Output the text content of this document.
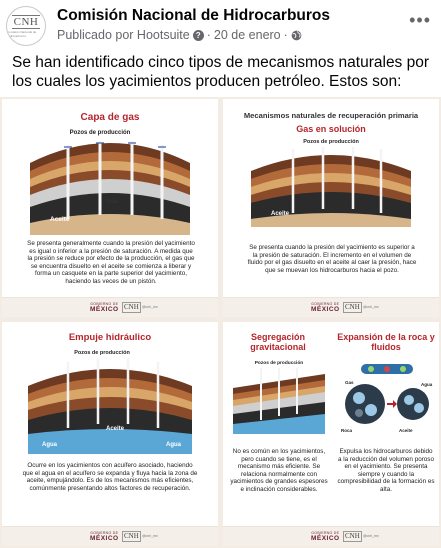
CNH
Comisión Nacional de Hidrocarburos
Comisión Nacional de Hidrocarburos
Publicado por Hootsuite ? · 20 de enero ·
•••
Se han identificado cinco tipos de mecanismos naturales por los cuales los yacimientos producen petróleo. Estos son:
Capa de gas
Pozos de producción
Gas
Aceite
Se presenta generalmente cuando la presión del yacimiento es igual o inferior a la presión de saturación. A medida que la presión se reduce por efecto de la producción, el gas que se encuentra disuelto en el aceite se comienza a liberar y forma un casquete en la parte superior del yacimiento, haciendo las veces de un pistón.
GOBIERNO DE
MÉXICO CNH @cnh_mx
Mecanismos naturales de recuperación primaria
Gas en solución
Pozos de producción
Aceite
Se presenta cuando la presión del yacimiento es superior a la presión de saturación. El incremento en el volumen de fluido por el gas disuelto en el aceite al caer la presión, hace que se muevan los hidrocarburos hacia el pozo.
GOBIERNO DE
MÉXICO CNH @cnh_mx
Empuje hidráulico
Pozos de producción
Aceite
Agua	Agua
Ocurre en los yacimientos con acuífero asociado, haciendo que el agua en el acuífero se expanda y fluya hacia la zona de aceite, empujándolo. Es de los mecanismos más eficientes, comúnmente presentando altos factores de recuperación.
GOBIERNO DE
MÉXICO CNH @cnh_mx
Segregación gravitacional
Expansión de la roca y fluidos
Pozos de producción
Gas	Agua
Roca	Aceite
No es común en los yacimientos, pero cuando se tiene, es el mecanismo más eficiente. Se relaciona normalmente con yacimientos de grandes espesores e inclinación considerables.
Expulsa los hidrocarburos debido a la reducción del volumen poroso en el yacimiento. Se presenta siempre y cuando la compresibilidad de la formación es alta.
GOBIERNO DE
MÉXICO CNH @cnh_mx
